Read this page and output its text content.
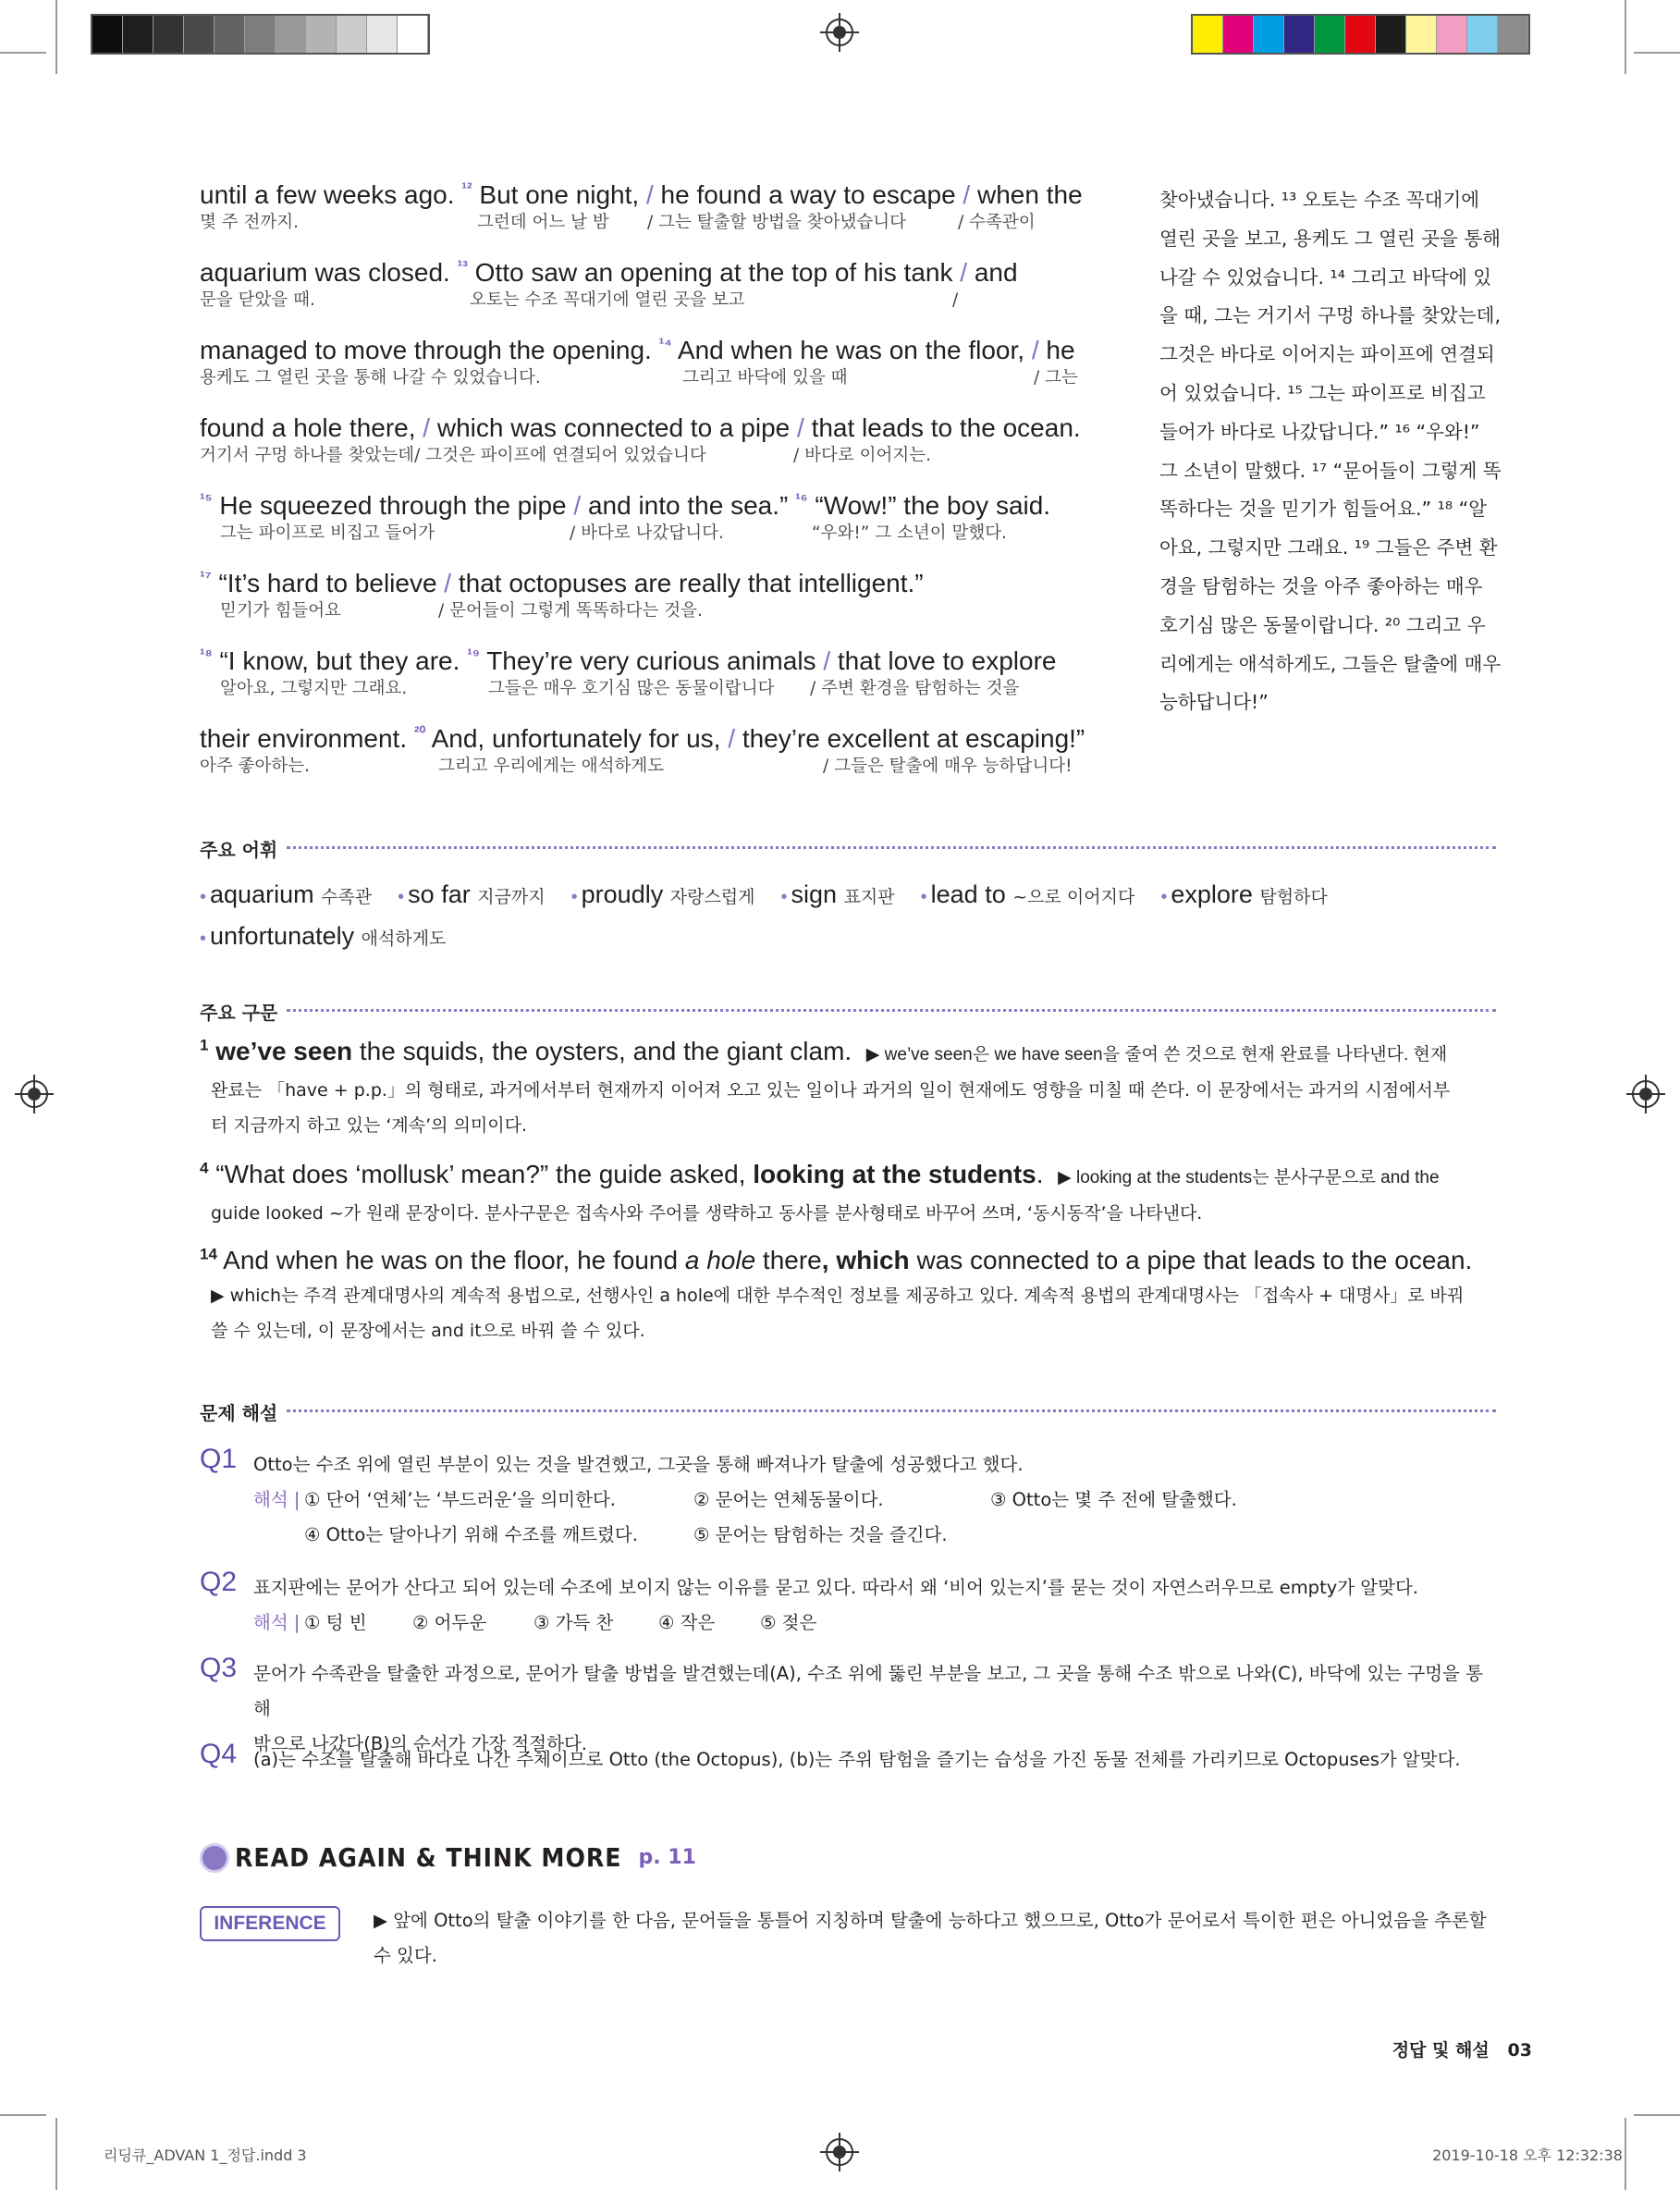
until a few weeks ago. $^{^{12}}$ But one night, / he found a way to escape / when the
몇 주 전까지.	그런데 어느 날 밤 / 그는 탈출할 방법을 찾아냈습니다	/ 수족관이
aquarium was closed. $^{^{13}}$ Otto saw an opening at the top of his tank / and
문을 닫았을 때.	오토는 수조 꼭대기에 열린 곳을 보고	/
managed to move through the opening. $^{^{14}}$ And when he was on the floor, / he
용케도 그 열린 곳을 통해 나갈 수 있었습니다.	그리고 바닥에 있을 때	/ 그는
found a hole there, / which was connected to a pipe / that leads to the ocean.
거기서 구멍 하나를 찾았는데/ 그것은 파이프에 연결되어 있었습니다	/ 바다로 이어지는.
$^{^{15}}$ He squeezed through the pipe / and into the sea.” $^{^{16}}$ “Wow!” the boy said.
그는 파이프로 비집고 들어가	/ 바다로 나갔답니다.	“우와!” 그 소년이 말했다.
$^{^{17}}$ “It’s hard to believe / that octopuses are really that intelligent.”
믿기가 힘들어요	/ 문어들이 그렇게 똑똑하다는 것을.
$^{^{18}}$ “I know, but they are. $^{^{19}}$ They’re very curious animals / that love to explore
알아요, 그렇지만 그래요.	그들은 매우 호기심 많은 동물이랍니다 / 주변 환경을 탐험하는 것을
their environment. $^{^{20}}$ And, unfortunately for us, / they’re excellent at escaping!”
아주 좋아하는.	그리고 우리에게는 애석하게도	/ 그들은 탈출에 매우 능하답니다!
찾아냈습니다. ¹³ 오토는 수조 꼭대기에 열린 곳을 보고, 용케도 그 열린 곳을 통해 나갈 수 있었습니다. ¹⁴ 그리고 바닥에 있을 때, 그는 거기서 구멍 하나를 찾았는데, 그것은 바다로 이어지는 파이프에 연결되어 있었습니다. ¹⁵ 그는 파이프로 비집고 들어가 바다로 나갔답니다.” ¹⁶ “우와!” 그 소년이 말했다. ¹⁷ “문어들이 그렇게 똑똑하다는 것을 믿기가 힘들어요.” ¹⁸ “알아요, 그렇지만 그래요. ¹⁹ 그들은 주변 환경을 탐험하는 것을 아주 좋아하는 매우 호기심 많은 동물이랍니다. ²⁰ 그리고 우리에게는 애석하게도, 그들은 탈출에 매우 능하답니다!”
주요 어휘
• aquarium 수족관 • so far 지금까지 • proudly 자랑스럽게 • sign 표지판 • lead to ~으로 이어지다 • explore 탐험하다
• unfortunately 애석하게도
주요 구문
$^1$ we’ve seen the squids, the oysters, and the giant clam. ▶ we’ve seen은 we have seen을 줄여 쓴 것으로 현재 완료를 나타낸다. 현재
완료는 「have + p.p.」의 형태로, 과거에서부터 현재까지 이어져 오고 있는 일이나 과거의 일이 현재에도 영향을 미칠 때 쓴다. 이 문장에서는 과거의 시점에서부
터 지금까지 하고 있는 ‘계속’의 의미이다.
$^4$ “What does ‘mollusk’ mean?” the guide asked, looking at the students. ▶ looking at the students는 분사구문으로 and the
guide looked ~가 원래 문장이다. 분사구문은 접속사와 주어를 생략하고 동사를 분사형태로 바꾸어 쓰며, ‘동시동작’을 나타낸다.
$^{14}$ And when he was on the floor, he found a hole there, which was connected to a pipe that leads to the ocean.
▶ which는 주격 관계대명사의 계속적 용법으로, 선행사인 a hole에 대한 부수적인 정보를 제공하고 있다. 계속적 용법의 관계대명사는 「접속사 + 대명사」로 바꿔
쓸 수 있는데, 이 문장에서는 and it으로 바꿔 쓸 수 있다.
문제 해설
Q1 Otto는 수조 위에 열린 부분이 있는 것을 발견했고, 그곳을 통해 빠져나가 탈출에 성공했다고 했다.
해석 | ① 단어 ‘연체’는 ‘부드러운’을 의미한다.	② 문어는 연체동물이다.	③ Otto는 몇 주 전에 탈출했다.
④ Otto는 달아나기 위해 수조를 깨트렸다.	⑤ 문어는 탐험하는 것을 즐긴다.
Q2 표지판에는 문어가 산다고 되어 있는데 수조에 보이지 않는 이유를 묻고 있다. 따라서 왜 ‘비어 있는지’를 묻는 것이 자연스러우므로 empty가 알맞다.
해석 | ① 텅 빈	② 어두운	③ 가득 찬 ④ 작은 ⑤ 젖은
Q3 문어가 수족관을 탈출한 과정으로, 문어가 탈출 방법을 발견했는데(A), 수조 위에 뚫린 부분을 보고, 그 곳을 통해 수조 밖으로 나와(C), 바닥에 있는 구멍을 통해
밖으로 나갔다(B)의 순서가 가장 적절하다.
Q4 (a)는 수조를 탈출해 바다로 나간 주체이므로 Otto (the Octopus), (b)는 주위 탐험을 즐기는 습성을 가진 동물 전체를 가리키므로 Octopuses가 알맞다.
READ AGAIN & THINK MORE p. 11
INFERENCE	▶ 앞에 Otto의 탈출 이야기를 한 다음, 문어들을 통틀어 지칭하며 탈출에 능하다고 했으므로, Otto가 문어로서 특이한 편은 아니었음을 추론할
수 있다.
정답 및 해설 03
리딩큐_ADVAN 1_정답.indd 3	2019-10-18 오후 12:32:38
